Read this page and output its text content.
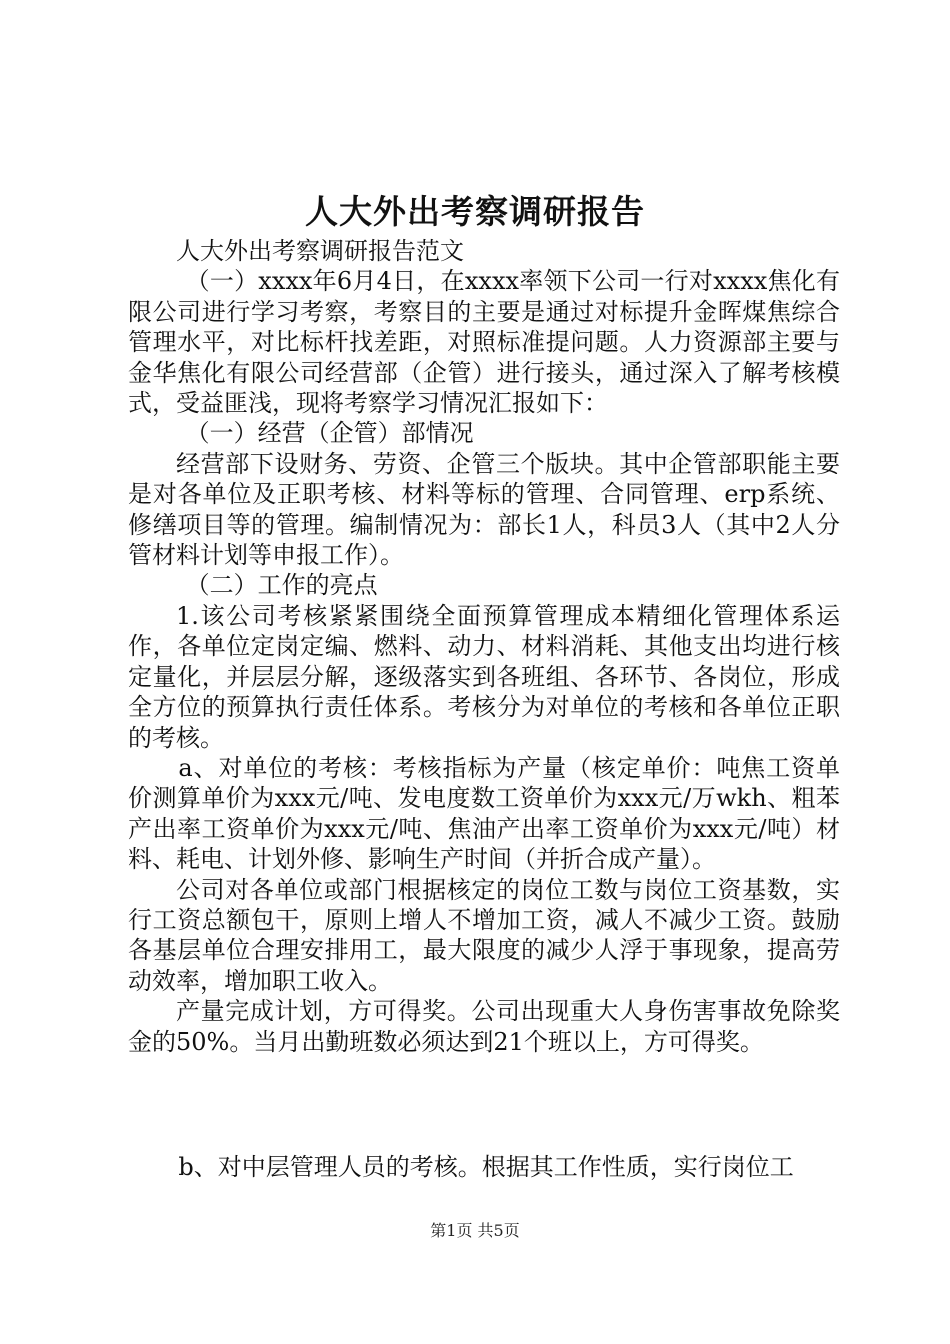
人大外出考察调研报告

人大外出考察调研报告范文

（一）xxxx年6月4日，在xxxx率领下公司一行对xxxx焦化有限公司进行学习考察，考察目的主要是通过对标提升金晖煤焦综合管理水平，对比标杆找差距，对照标准提问题。人力资源部主要与金华焦化有限公司经营部（企管）进行接头，通过深入了解考核模式，受益匪浅，现将考察学习情况汇报如下：

（一）经营（企管）部情况

经营部下设财务、劳资、企管三个版块。其中企管部职能主要是对各单位及正职考核、材料等标的管理、合同管理、erp系统、修缮项目等的管理。编制情况为：部长1人，科员3人（其中2人分管材料计划等申报工作）。

（二）工作的亮点

1.该公司考核紧紧围绕全面预算管理成本精细化管理体系运作，各单位定岗定编、燃料、动力、材料消耗、其他支出均进行核定量化，并层层分解，逐级落实到各班组、各环节、各岗位，形成全方位的预算执行责任体系。考核分为对单位的考核和各单位正职的考核。

a、对单位的考核：考核指标为产量（核定单价：吨焦工资单价测算单价为xxx元/吨、发电度数工资单价为xxx元/万wkh、粗苯产出率工资单价为xxx元/吨、焦油产出率工资单价为xxx元/吨）材料、耗电、计划外修、影响生产时间（并折合成产量）。

公司对各单位或部门根据核定的岗位工数与岗位工资基数，实行工资总额包干，原则上增人不增加工资，减人不减少工资。鼓励各基层单位合理安排用工，最大限度的减少人浮于事现象，提高劳动效率，增加职工收入。

产量完成计划，方可得奖。公司出现重大人身伤害事故免除奖金的50%。当月出勤班数必须达到21个班以上，方可得奖。

b、对中层管理人员的考核。根据其工作性质，实行岗位工

第1页 共5页
